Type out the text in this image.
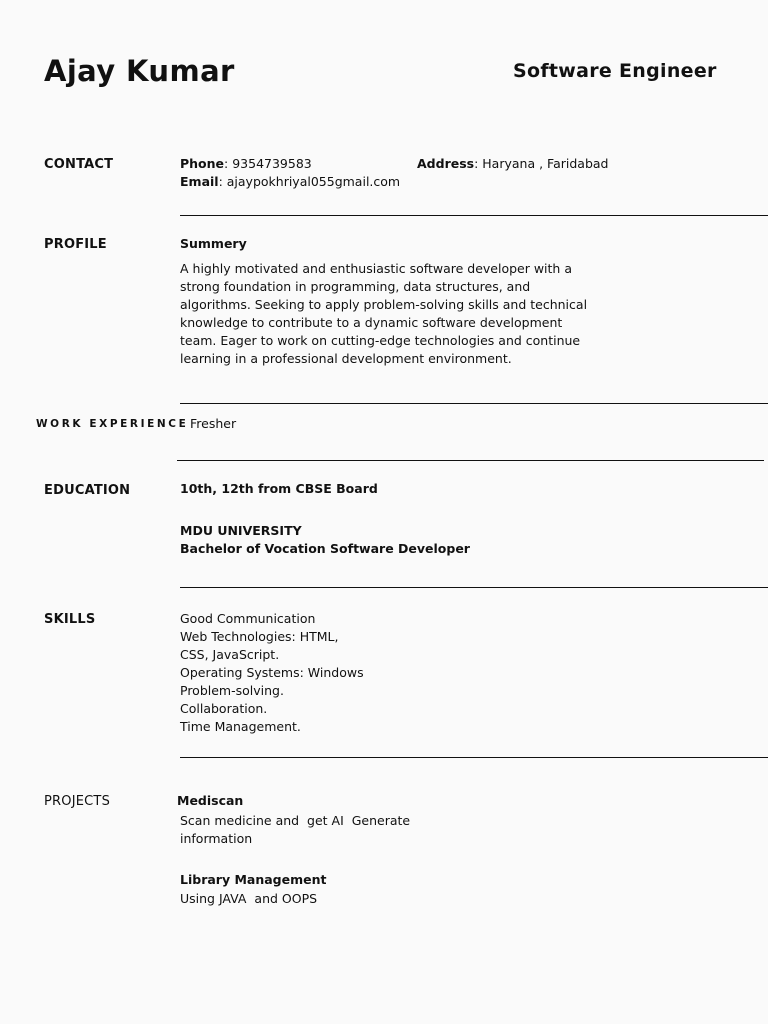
Ajay Kumar	Software Engineer
CONTACT	Phone: 9354739583
Email: ajaypokhriyal055gmail.com
Address: Haryana , Faridabad
PROFILE	Summery
A highly motivated and enthusiastic software developer with a
strong foundation in programming, data structures, and
algorithms. Seeking to apply problem-solving skills and technical
knowledge to contribute to a dynamic software development
team. Eager to work on cutting-edge technologies and continue
learning in a professional development environment.
WORK EXPERIENCE Fresher
EDUCATION	10th, 12th from CBSE Board
MDU UNIVERSITY
Bachelor of Vocation Software Developer
SKILLS	Good Communication
Web Technologies: HTML,
CSS, JavaScript.
Operating Systems: Windows
Problem-solving.
Collaboration.
Time Management.
PROJECTS	Mediscan
Scan medicine and  get AI  Generate
information
Library Management
Using JAVA  and OOPS
